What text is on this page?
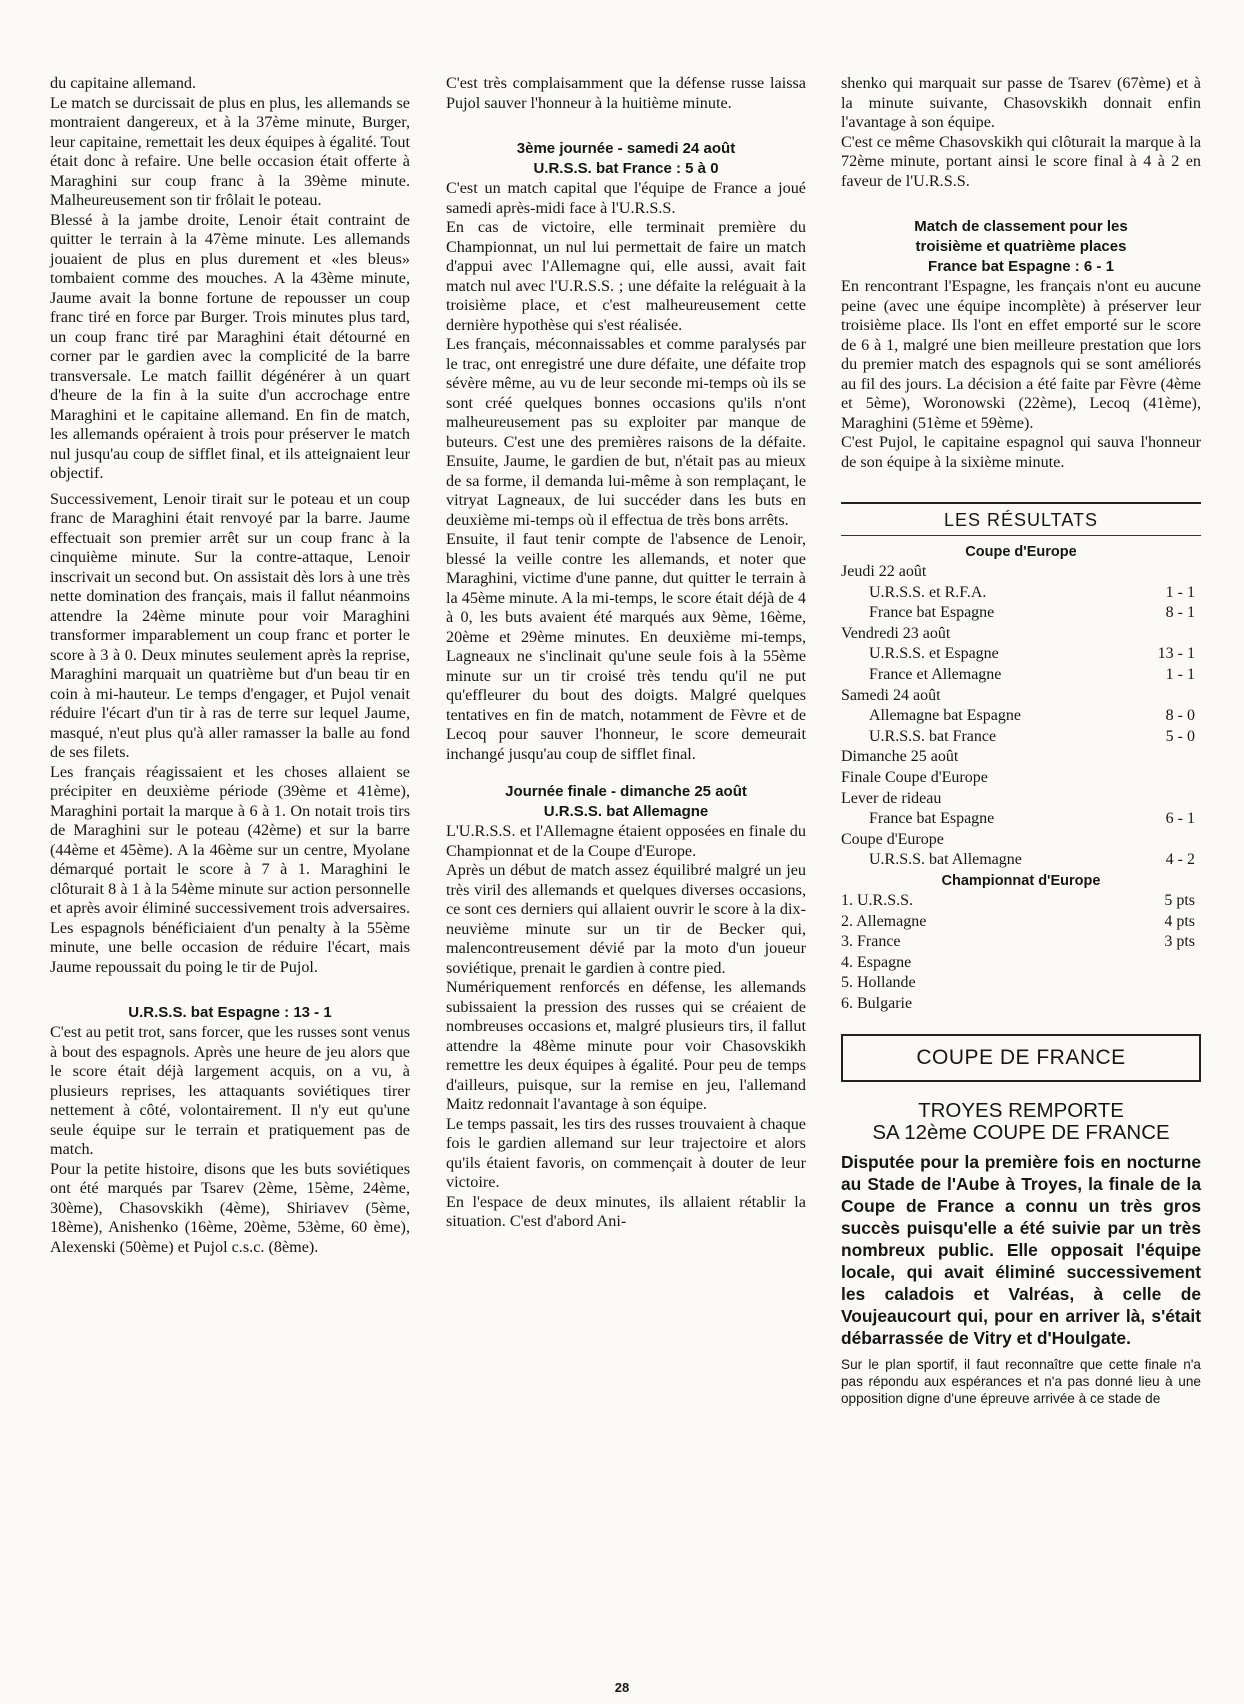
du capitaine allemand.

Le match se durcissait de plus en plus, les allemands se montraient dangereux, et à la 37ème minute, Burger, leur capitaine, remettait les deux équipes à égalité. Tout était donc à refaire. Une belle occasion était offerte à Maraghini sur coup franc à la 39ème minute. Malheureusement son tir frôlait le poteau.

Blessé à la jambe droite, Lenoir était contraint de quitter le terrain à la 47ème minute. Les allemands jouaient de plus en plus durement et «les bleus» tombaient comme des mouches. A la 43ème minute, Jaume avait la bonne fortune de repousser un coup franc tiré en force par Burger. Trois minutes plus tard, un coup franc tiré par Maraghini était détourné en corner par le gardien avec la complicité de la barre transversale. Le match faillit dégénérer à un quart d'heure de la fin à la suite d'un accrochage entre Maraghini et le capitaine allemand. En fin de match, les allemands opéraient à trois pour préserver le match nul jusqu'au coup de sifflet final, et ils atteignaient leur objectif.

Successivement, Lenoir tirait sur le poteau et un coup franc de Maraghini était renvoyé par la barre. Jaume effectuait son premier arrêt sur un coup franc à la cinquième minute. Sur la contre-attaque, Lenoir inscrivait un second but. On assistait dès lors à une très nette domination des français, mais il fallut néanmoins attendre la 24ème minute pour voir Maraghini transformer imparablement un coup franc et porter le score à 3 à 0. Deux minutes seulement après la reprise, Maraghini marquait un quatrième but d'un beau tir en coin à mi-hauteur. Le temps d'engager, et Pujol venait réduire l'écart d'un tir à ras de terre sur lequel Jaume, masqué, n'eut plus qu'à aller ramasser la balle au fond de ses filets.

Les français réagissaient et les choses allaient se précipiter en deuxième période (39ème et 41ème), Maraghini portait la marque à 6 à 1. On notait trois tirs de Maraghini sur le poteau (42ème) et sur la barre (44ème et 45ème). A la 46ème sur un centre, Myolane démarqué portait le score à 7 à 1. Maraghini le clôturait 8 à 1 à la 54ème minute sur action personnelle et après avoir éliminé successivement trois adversaires. Les espagnols bénéficiaient d'un penalty à la 55ème minute, une belle occasion de réduire l'écart, mais Jaume repoussait du poing le tir de Pujol.

U.R.S.S. bat Espagne : 13 - 1

C'est au petit trot, sans forcer, que les russes sont venus à bout des espagnols. Après une heure de jeu alors que le score était déjà largement acquis, on a vu, à plusieurs reprises, les attaquants soviétiques tirer nettement à côté, volontairement. Il n'y eut qu'une seule équipe sur le terrain et pratiquement pas de match.

Pour la petite histoire, disons que les buts soviétiques ont été marqués par Tsarev (2ème, 15ème, 24ème, 30ème), Chasovskikh (4ème), Shiriavev (5ème, 18ème), Anishenko (16ème, 20ème, 53ème, 60 ème), Alexenski (50ème) et Pujol c.s.c. (8ème).

C'est très complaisamment que la défense russe laissa Pujol sauver l'honneur à la huitième minute.

3ème journée - samedi 24 août
U.R.S.S. bat France : 5 à 0

C'est un match capital que l'équipe de France a joué samedi après-midi face à l'U.R.S.S.

En cas de victoire, elle terminait première du Championnat, un nul lui permettait de faire un match d'appui avec l'Allemagne qui, elle aussi, avait fait match nul avec l'U.R.S.S. ; une défaite la reléguait à la troisième place, et c'est malheureusement cette dernière hypothèse qui s'est réalisée.

Les français, méconnaissables et comme paralysés par le trac, ont enregistré une dure défaite, une défaite trop sévère même, au vu de leur seconde mi-temps où ils se sont créé quelques bonnes occasions qu'ils n'ont malheureusement pas su exploiter par manque de buteurs. C'est une des premières raisons de la défaite. Ensuite, Jaume, le gardien de but, n'était pas au mieux de sa forme, il demanda lui-même à son remplaçant, le vitryat Lagneaux, de lui succéder dans les buts en deuxième mi-temps où il effectua de très bons arrêts.

Ensuite, il faut tenir compte de l'absence de Lenoir, blessé la veille contre les allemands, et noter que Maraghini, victime d'une panne, dut quitter le terrain à la 45ème minute. A la mi-temps, le score était déjà de 4 à 0, les buts avaient été marqués aux 9ème, 16ème, 20ème et 29ème minutes. En deuxième mi-temps, Lagneaux ne s'inclinait qu'une seule fois à la 55ème minute sur un tir croisé très tendu qu'il ne put qu'effleurer du bout des doigts. Malgré quelques tentatives en fin de match, notamment de Fèvre et de Lecoq pour sauver l'honneur, le score demeurait inchangé jusqu'au coup de sifflet final.

Journée finale - dimanche 25 août
U.R.S.S. bat Allemagne

L'U.R.S.S. et l'Allemagne étaient opposées en finale du Championnat et de la Coupe d'Europe.

Après un début de match assez équilibré malgré un jeu très viril des allemands et quelques diverses occasions, ce sont ces derniers qui allaient ouvrir le score à la dix-neuvième minute sur un tir de Becker qui, malencontreusement dévié par la moto d'un joueur soviétique, prenait le gardien à contre pied.

Numériquement renforcés en défense, les allemands subissaient la pression des russes qui se créaient de nombreuses occasions et, malgré plusieurs tirs, il fallut attendre la 48ème minute pour voir Chasovskikh remettre les deux équipes à égalité. Pour peu de temps d'ailleurs, puisque, sur la remise en jeu, l'allemand Maitz redonnait l'avantage à son équipe.

Le temps passait, les tirs des russes trouvaient à chaque fois le gardien allemand sur leur trajectoire et alors qu'ils étaient favoris, on commençait à douter de leur victoire.

En l'espace de deux minutes, ils allaient rétablir la situation. C'est d'abord Ani-

shenko qui marquait sur passe de Tsarev (67ème) et à la minute suivante, Chasovskikh donnait enfin l'avantage à son équipe.

C'est ce même Chasovskikh qui clôturait la marque à la 72ème minute, portant ainsi le score final à 4 à 2 en faveur de l'U.R.S.S.

Match de classement pour les
troisième et quatrième places
France bat Espagne : 6 - 1

En rencontrant l'Espagne, les français n'ont eu aucune peine (avec une équipe incomplète) à préserver leur troisième place. Ils l'ont en effet emporté sur le score de 6 à 1, malgré une bien meilleure prestation que lors du premier match des espagnols qui se sont améliorés au fil des jours. La décision a été faite par Fèvre (4ème et 5ème), Woronowski (22ème), Lecoq (41ème), Maraghini (51ème et 59ème).

C'est Pujol, le capitaine espagnol qui sauva l'honneur de son équipe à la sixième minute.

LES RÉSULTATS
Coupe d'Europe
Jeudi 22 août
U.R.S.S. et R.F.A.	1 - 1
France bat Espagne	8 - 1
Vendredi 23 août
U.R.S.S. et Espagne	13 - 1
France et Allemagne	1 - 1
Samedi 24 août
Allemagne bat Espagne	8 - 0
U.R.S.S. bat France	5 - 0
Dimanche 25 août
Finale Coupe d'Europe
Lever de rideau
France bat Espagne	6 - 1
Coupe d'Europe
U.R.S.S. bat Allemagne	4 - 2
Championnat d'Europe
1. U.R.S.S.	5 pts
2. Allemagne	4 pts
3. France	3 pts
4. Espagne
5. Hollande
6. Bulgarie
COUPE DE FRANCE
TROYES REMPORTE
SA 12ème COUPE DE FRANCE
Disputée pour la première fois en nocturne au Stade de l'Aube à Troyes, la finale de la Coupe de France a connu un très gros succès puisqu'elle a été suivie par un très nombreux public. Elle opposait l'équipe locale, qui avait éliminé successivement les caladois et Valréas, à celle de Voujeaucourt qui, pour en arriver là, s'était débarrassée de Vitry et d'Houlgate.
Sur le plan sportif, il faut reconnaître que cette finale n'a pas répondu aux espérances et n'a pas donné lieu à une opposition digne d'une épreuve arrivée à ce stade de
28
